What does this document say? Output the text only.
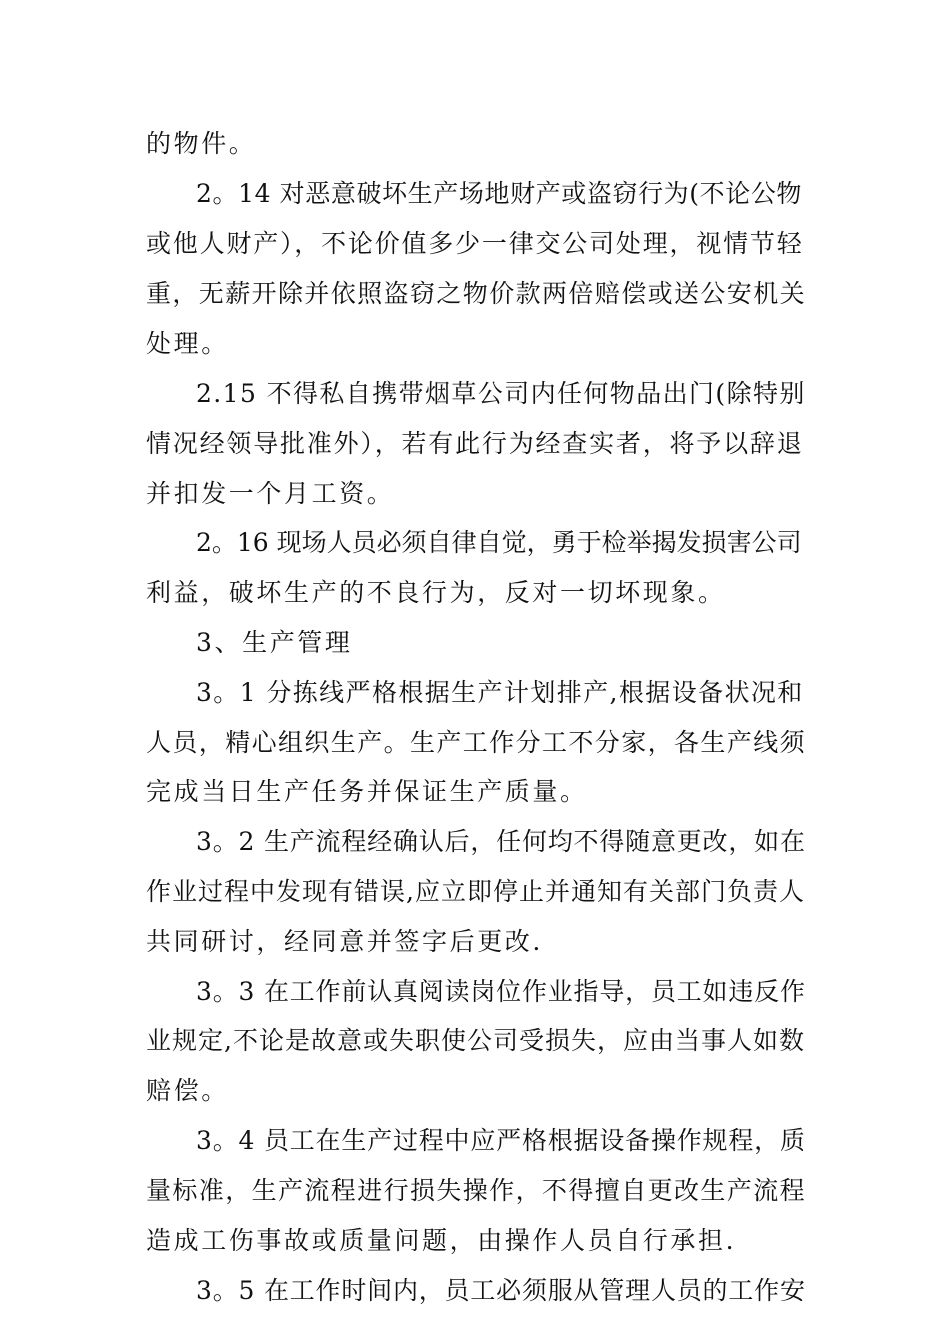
的物件。
2。14 对恶意破坏生产场地财产或盗窃行为(不论公物
或他人财产），不论价值多少一律交公司处理，视情节轻
重，无薪开除并依照盗窃之物价款两倍赔偿或送公安机关
处理。
2.15 不得私自携带烟草公司内任何物品出门(除特别
情况经领导批准外），若有此行为经查实者，将予以辞退
并扣发一个月工资。
2。16 现场人员必须自律自觉，勇于检举揭发损害公司
利益，破坏生产的不良行为，反对一切坏现象。
3、生产管理
3。1 分拣线严格根据生产计划排产,根据设备状况和
人员，精心组织生产。生产工作分工不分家，各生产线须
完成当日生产任务并保证生产质量。
3。2 生产流程经确认后，任何均不得随意更改，如在
作业过程中发现有错误,应立即停止并通知有关部门负责人
共同研讨，经同意并签字后更改.
3。3 在工作前认真阅读岗位作业指导，员工如违反作
业规定,不论是故意或失职使公司受损失，应由当事人如数
赔偿。
3。4 员工在生产过程中应严格根据设备操作规程，质
量标准，生产流程进行损失操作，不得擅自更改生产流程
造成工伤事故或质量问题，由操作人员自行承担.
3。5 在工作时间内，员工必须服从管理人员的工作安
